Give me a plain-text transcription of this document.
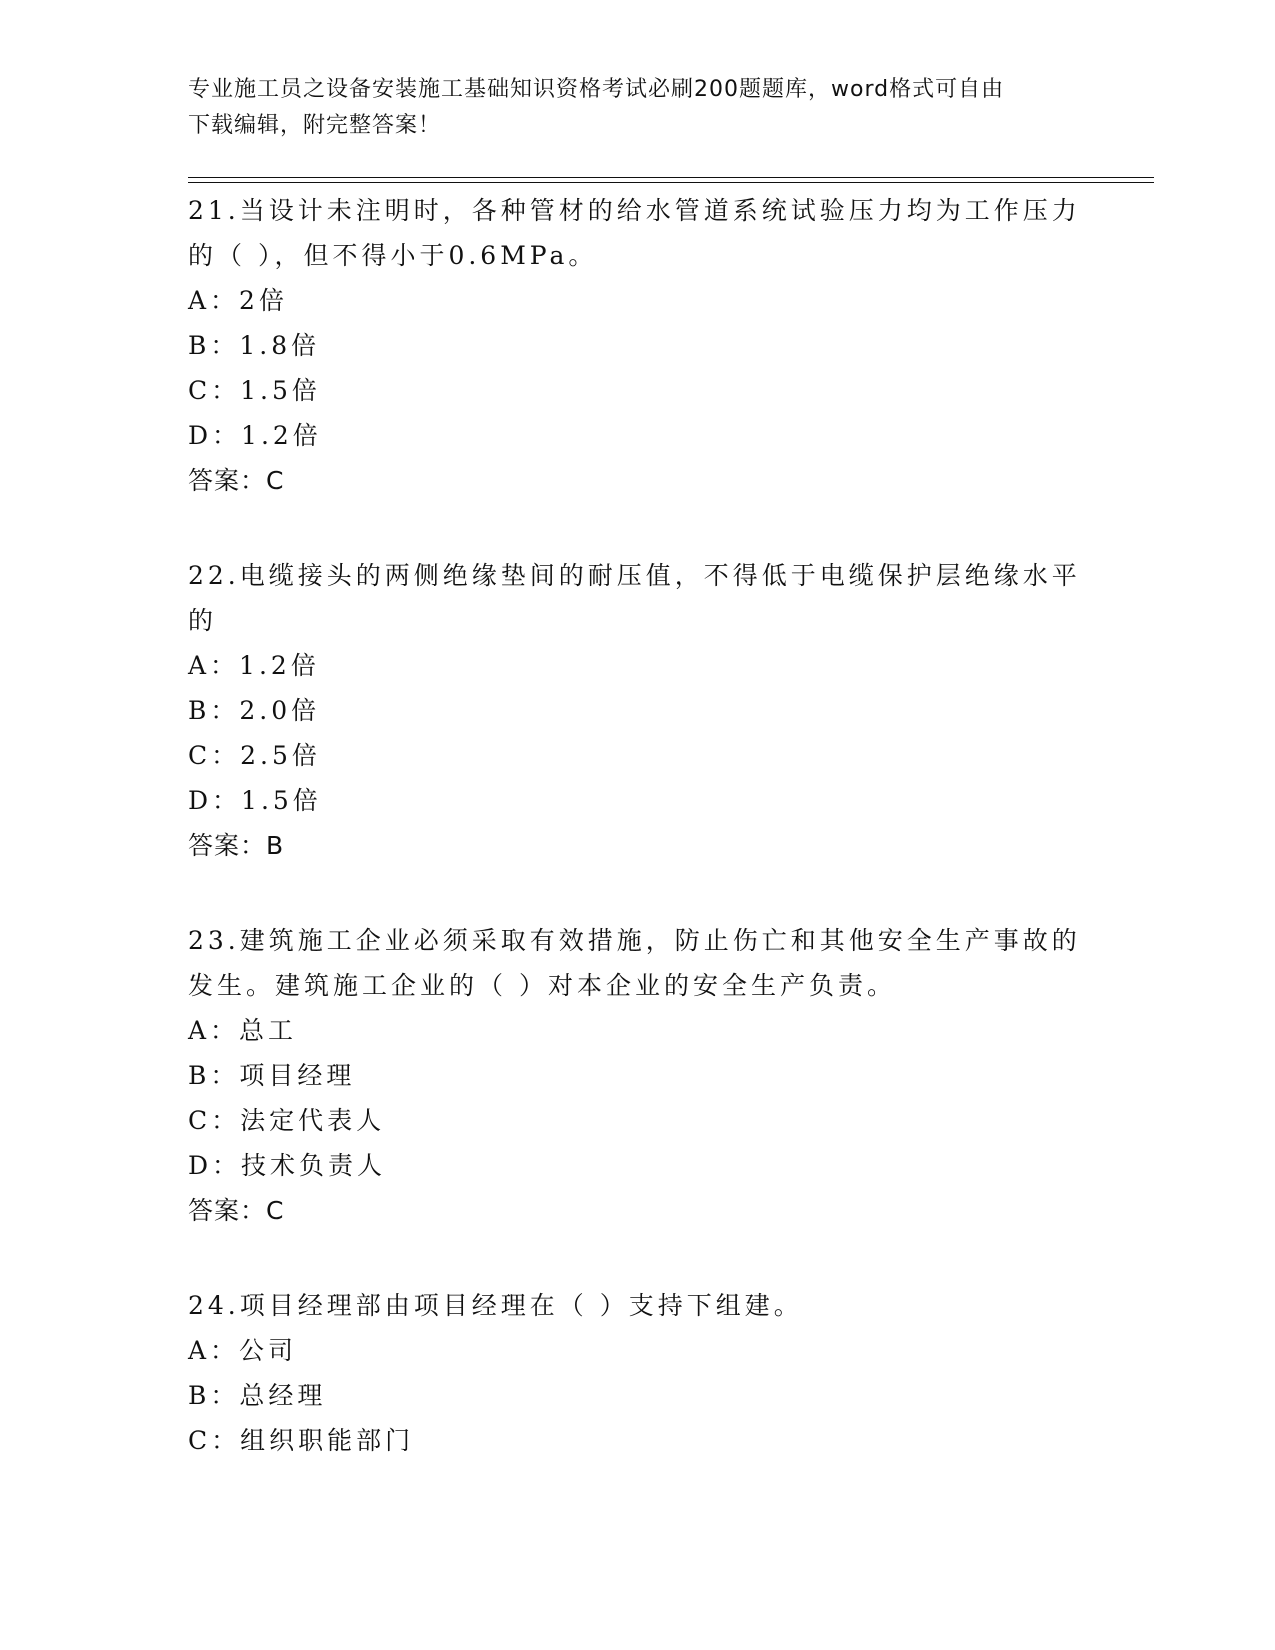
专业施工员之设备安装施工基础知识资格考试必刷200题题库，word格式可自由
下载编辑，附完整答案！

21.当设计未注明时，各种管材的给水管道系统试验压力均为工作压力

的（ ），但不得小于0.6MPa。

A：2倍

B：1.8倍

C：1.5倍

D：1.2倍

答案：C

22.电缆接头的两侧绝缘垫间的耐压值，不得低于电缆保护层绝缘水平

的

A：1.2倍

B：2.0倍

C：2.5倍

D：1.5倍

答案：B

23.建筑施工企业必须采取有效措施，防止伤亡和其他安全生产事故的

发生。建筑施工企业的（ ）对本企业的安全生产负责。

A：总工

B：项目经理

C：法定代表人

D：技术负责人

答案：C

24.项目经理部由项目经理在（ ）支持下组建。

A：公司

B：总经理

C：组织职能部门
